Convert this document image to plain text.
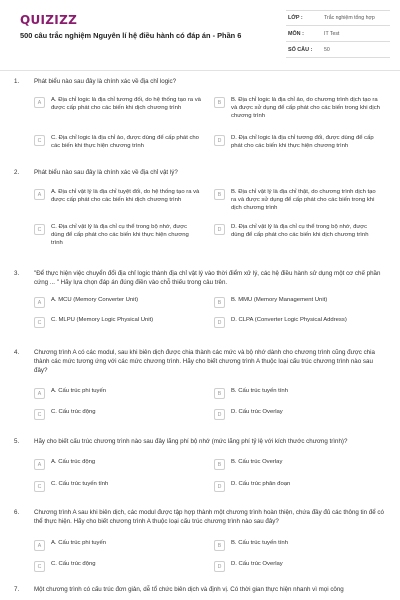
QUIZIZZ
500 câu trắc nghiệm Nguyên lí hệ điều hành có đáp án - Phần 6
LỚP :	Trắc nghiệm tổng hợp
MÔN :	IT Test
SỐ CÂU :	50
1. Phát biểu nào sau đây là chính xác về địa chỉ logic?
A	A. Địa chỉ logic là địa chỉ tương đối, do hệ thống tạo ra và được cấp phát cho các biến khi dịch chương trình
B	B. Địa chỉ logic là địa chỉ ảo, do chương trình dịch tạo ra và được sử dụng để cấp phát cho các biến trong khi dịch chương trình
C	C. Địa chỉ logic là địa chỉ ảo, được dùng để cấp phát cho các biến khi thực hiện chương trình
D	D. Địa chỉ logic là địa chỉ tương đối, được dùng để cấp phát cho các biến khi thực hiện chương trình
2. Phát biểu nào sau đây là chính xác về địa chỉ vật lý?
A	A. Địa chỉ vật lý là địa chỉ tuyệt đối, do hệ thống tạo ra và được cấp phát cho các biến khi dịch chương trình
B	B. Địa chỉ vật lý là địa chỉ thật, do chương trình dịch tạo ra và được sử dụng để cấp phát cho các biến trong khi dịch chương trình
C	C. Địa chỉ vật lý là địa chỉ cụ thể trong bộ nhớ, được dùng để cấp phát cho các biến khi thực hiện chương trình
D	D. Địa chỉ vật lý là địa chỉ cụ thể trong bộ nhớ, được dùng để cấp phát cho các biến khi dịch chương trình
3. "Để thực hiện việc chuyển đổi địa chỉ logic thành địa chỉ vật lý vào thời điểm xử lý, các hệ điều hành sử dụng một cơ chế phần cứng ... " Hãy lựa chọn đáp án đúng điền vào chỗ thiếu trong câu trên.
A	A. MCU (Memory Converter Unit)	B	B. MMU (Memory Management Unit)
C	C. MLPU (Memory Logic Physical Unit)	D	D. CLPA (Converter Logic Physical Address)
4. Chương trình A có các modul, sau khi biên dịch được chia thành các mức và bộ nhớ dành cho chương trình cũng được chia thành các mức tương ứng với các mức chương trình. Hãy cho biết chương trình A thuộc loại cấu trúc chương trình nào sau đây?
A	A. Cấu trúc phi tuyến	B	B. Cấu trúc tuyến tính
C	C. Cấu trúc động	D	D. Cấu trúc Overlay
5. Hãy cho biết cấu trúc chương trình nào sau đây lãng phí bộ nhớ (mức lãng phí tỷ lệ với kích thước chương trình)?
A	A. Cấu trúc động	B	B. Cấu trúc Overlay
C	C. Cấu trúc tuyến tính	D	D. Cấu trúc phân đoạn
6. Chương trình A sau khi biên dịch, các modul được tập hợp thành một chương trình hoàn thiện, chứa đầy đủ các thông tin để có thể thực hiện. Hãy cho biết chương trình A thuộc loại cấu trúc chương trình nào sau đây?
A	A. Cấu trúc phi tuyến	B	B. Cấu trúc tuyến tính
C	C. Cấu trúc động	D	D. Cấu trúc Overlay
7. Một chương trình có cấu trúc đơn giản, dễ tổ chức biên dịch và định vị. Có thời gian thực hiện nhanh vì mọi công
